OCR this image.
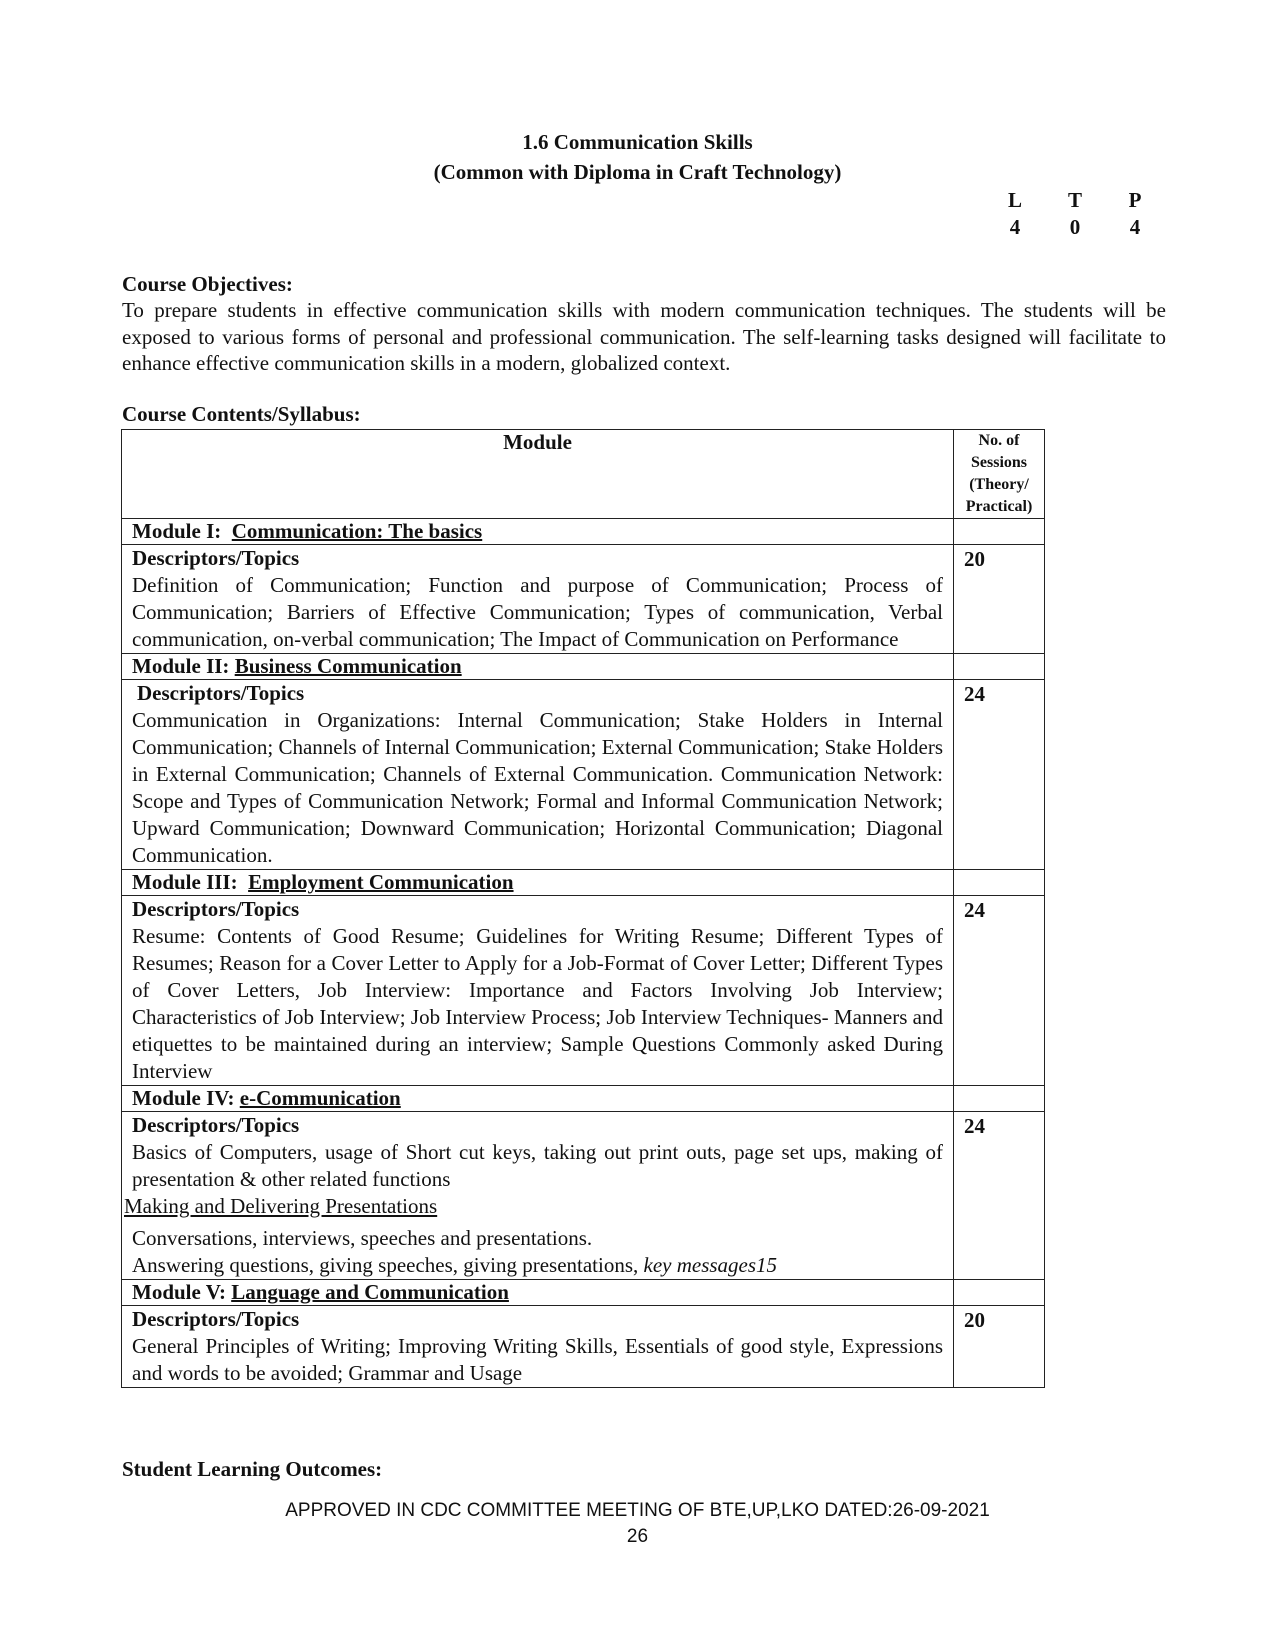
1.6 Communication Skills
(Common with Diploma in Craft Technology)
L	T	P
4	0	4
Course Objectives:
To prepare students in effective communication skills with modern communication techniques. The students will be exposed to various forms of personal and professional communication. The self-learning tasks designed will facilitate to enhance effective communication skills in a modern, globalized context.
Course Contents/Syllabus:
Module	No. of
Sessions
(Theory/
Practical)

Module I: Communication: The basics	

Descriptors/Topics
Definition of Communication; Function and purpose of Communication; Process of Communication; Barriers of Effective Communication; Types of communication, Verbal communication, on-verbal communication; The Impact of Communication on Performance	20
Module II: Business Communication	

Descriptors/Topics
Communication in Organizations: Internal Communication; Stake Holders in Internal Communication; Channels of Internal Communication; External Communication; Stake Holders in External Communication; Channels of External Communication. Communication Network: Scope and Types of Communication Network; Formal and Informal Communication Network; Upward Communication; Downward Communication; Horizontal Communication; Diagonal Communication.	24
Module III: Employment Communication	

Descriptors/Topics
Resume: Contents of Good Resume; Guidelines for Writing Resume; Different Types of Resumes; Reason for a Cover Letter to Apply for a Job-Format of Cover Letter; Different Types of Cover Letters, Job Interview: Importance and Factors Involving Job Interview; Characteristics of Job Interview; Job Interview Process; Job Interview Techniques- Manners and etiquettes to be maintained during an interview; Sample Questions Commonly asked During Interview	24
Module IV: e-Communication	

Descriptors/Topics
Basics of Computers, usage of Short cut keys, taking out print outs, page set ups, making of presentation & other related functions
Making and Delivering Presentations
Conversations, interviews, speeches and presentations.
Answering questions, giving speeches, giving presentations, key messages15	24
Module V: Language and Communication	

Descriptors/Topics
General Principles of Writing; Improving Writing Skills, Essentials of good style, Expressions and words to be avoided; Grammar and Usage	20
Student Learning Outcomes:
APPROVED IN CDC COMMITTEE MEETING OF BTE,UP,LKO DATED:26-09-2021
26
